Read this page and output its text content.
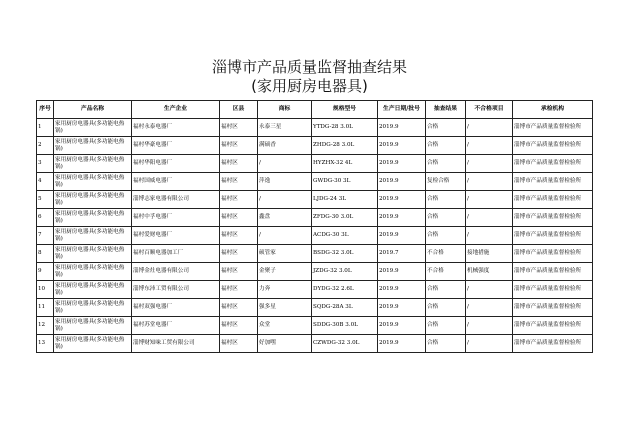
淄博市产品质量监督抽查结果
(家用厨房电器具)
序号	产品名称	生产企业	区县	商标	规格型号	生产日期/批号	抽查结果	不合格项目	承检机构
1	家用厨房电器具(多功能电热锅)	福村永泰电器厂	福村区	永泰三星	YTDG-28 3.0L	2019.9	合格	/	淄博市产品质量监督检验所
2	家用厨房电器具(多功能电热锅)	福村华豪电器厂	福村区	满硕香	ZHDG-28 3.0L	2019.9	合格	/	淄博市产品质量监督检验所
3	家用厨房电器具(多功能电热锅)	福村华阳电器厂	福村区	/	HYZHX-32 4L	2019.9	合格	/	淄博市产品质量监督检验所
4	家用厨房电器具(多功能电热锅)	福村国威电器厂	福村区	萍逸	GWDG-30 3L	2019.9	复检合格	/	淄博市产品质量监督检验所
5	家用厨房电器具(多功能电热锅)	淄博志家电器有限公司	福村区	/	LJDG-24 3L	2019.9	合格	/	淄博市产品质量监督检验所
6	家用厨房电器具(多功能电热锅)	福村中孚电器厂	福村区	鑫盘	ZFDG-30 3.0L	2019.9	合格	/	淄博市产品质量监督检验所
7	家用厨房电器具(多功能电热锅)	福村爱财电器厂	福村区	/	ACDG-30 3L	2019.9	合格	/	淄博市产品质量监督检验所
8	家用厨房电器具(多功能电热锅)	福村百顺电器加工厂	福村区	硕管家	BSDG-32 3.0L	2019.7	不合格	接地措施	淄博市产品质量监督检验所
9	家用厨房电器具(多功能电热锅)	淄博金灶电器有限公司	福村区	金聚子	JZDG-32 3.0L	2019.9	不合格	机械强度	淄博市产品质量监督检验所
10	家用厨房电器具(多功能电热锅)	淄博东沛工贸有限公司	福村区	力奔	DYDG-32 2.6L	2019.9	合格	/	淄博市产品质量监督检验所
11	家用厨房电器具(多功能电热锅)	福村双强电器厂	福村区	强多星	SQDG-28A 3L	2019.9	合格	/	淄博市产品质量监督检验所
12	家用厨房电器具(多功能电热锅)	福村苏堂电器厂	福村区	众堂	SDDG-30B 3.0L	2019.9	合格	/	淄博市产品质量监督检验所
13	家用厨房电器具(多功能电热锅)	淄博财知味工贸有限公司	福村区	好加嘿	CZWDG-32 3.0L	2019.9	合格	/	淄博市产品质量监督检验所
